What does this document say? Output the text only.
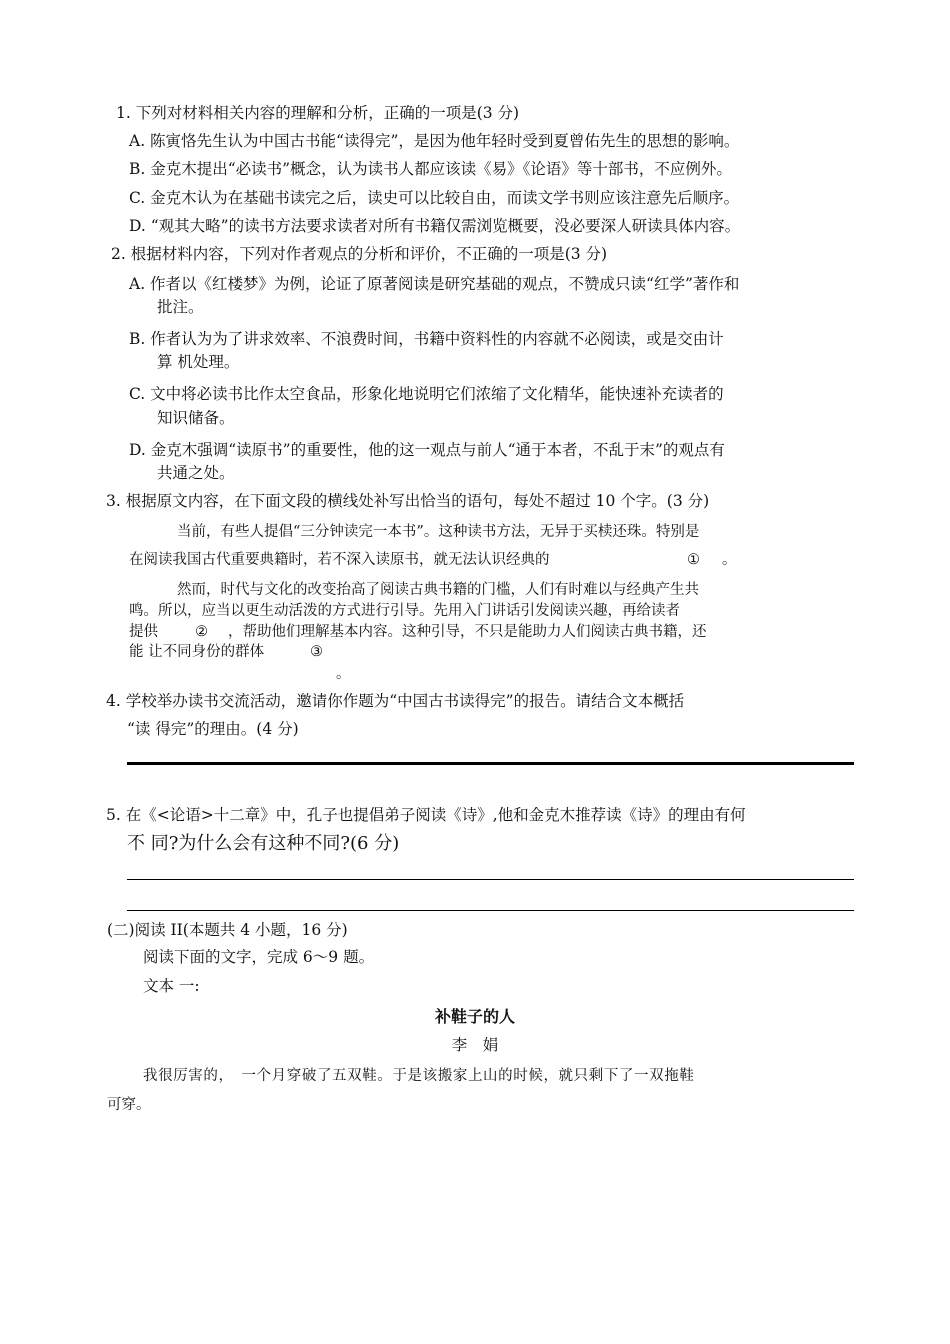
1. 下列对材料相关内容的理解和分析，正确的一项是(3 分)
A. 陈寅恪先生认为中国古书能“读得完”，是因为他年轻时受到夏曾佑先生的思想的影响。
B. 金克木提出“必读书”概念，认为读书人都应该读《易》《论语》等十部书，不应例外。
C. 金克木认为在基础书读完之后，读史可以比较自由，而读文学书则应该注意先后顺序。
D. “观其大略”的读书方法要求读者对所有书籍仅需浏览概要，没必要深人研读具体内容。
2. 根据材料内容，下列对作者观点的分析和评价，不正确的一项是(3 分)
A. 作者以《红楼梦》为例，论证了原著阅读是研究基础的观点，不赞成只读“红学”著作和
批注。
B. 作者认为为了讲求效率、不浪费时间，书籍中资料性的内容就不必阅读，或是交由计
算 机处理。
C. 文中将必读书比作太空食品，形象化地说明它们浓缩了文化精华，能快速补充读者的
知识储备。
D. 金克木强调“读原书”的重要性，他的这一观点与前人“通于本者，不乱于末”的观点有
共通之处。
3. 根据原文内容，在下面文段的横线处补写出恰当的语句，每处不超过 10 个字。(3 分)
当前，有些人提倡“三分钟读完一本书”。这种读书方法，无异于买椟还珠。特别是
在阅读我国古代重要典籍时，若不深入读原书，就无法认识经典的	① 。
然而，时代与文化的改变抬高了阅读古典书籍的门槛，人们有时难以与经典产生共
鸣。所以，应当以更生动活泼的方式进行引导。先用入门讲话引发阅读兴趣，再给读者
提供	② ，帮助他们理解基本内容。这种引导，不只是能助力人们阅读古典书籍，还
能 让不同身份的群体	③
。
4. 学校举办读书交流活动，邀请你作题为“中国古书读得完”的报告。请结合文本概括
“读 得完”的理由。(4 分)
5. 在《<论语>十二章》中，孔子也提倡弟子阅读《诗》,他和金克木推荐读《诗》的理由有何
不 同?为什么会有这种不同?(6 分)
(二)阅读 II(本题共 4 小题，16 分)
阅读下面的文字，完成 6～9 题。
文本 一:
补鞋子的人
李　娟
我很厉害的，　一个月穿破了五双鞋。于是该搬家上山的时候，就只剩下了一双拖鞋
可穿。
